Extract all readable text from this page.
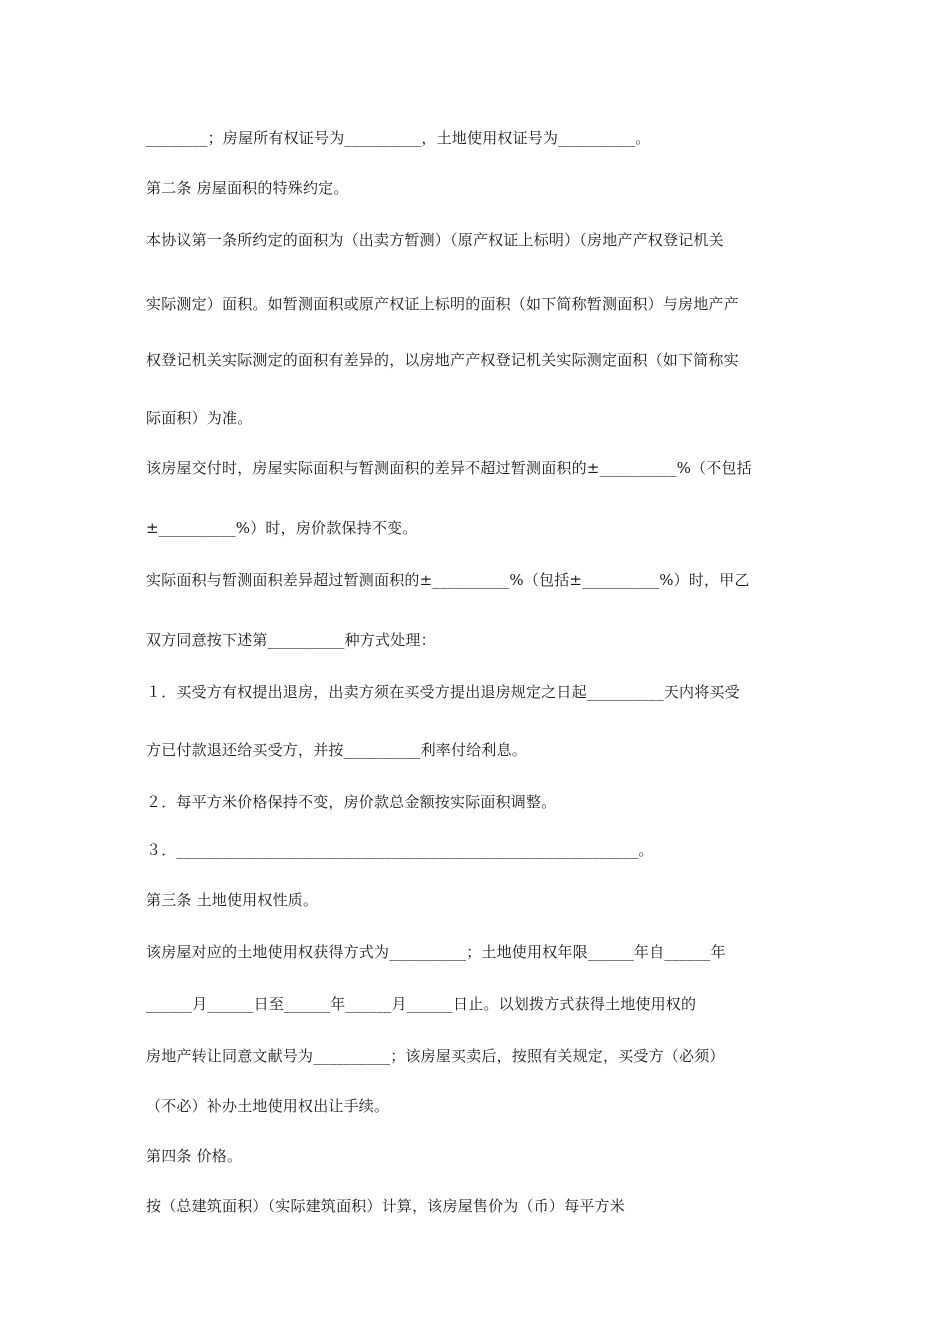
________；房屋所有权证号为__________，土地使用权证号为__________。
第二条 房屋面积的特殊约定。
本协议第一条所约定的面积为（出卖方暂测）（原产权证上标明）（房地产产权登记机关
实际测定）面积。如暂测面积或原产权证上标明的面积（如下简称暂测面积）与房地产产
权登记机关实际测定的面积有差异的，以房地产产权登记机关实际测定面积（如下简称实
际面积）为准。
该房屋交付时，房屋实际面积与暂测面积的差异不超过暂测面积的±__________%（不包括
±__________%）时，房价款保持不变。
实际面积与暂测面积差异超过暂测面积的±__________%（包括±__________%）时，甲乙
双方同意按下述第__________种方式处理：
１．买受方有权提出退房，出卖方须在买受方提出退房规定之日起__________天内将买受
方已付款退还给买受方，并按__________利率付给利息。
２．每平方米价格保持不变，房价款总金额按实际面积调整。
３．____________________________________________________________。
第三条 土地使用权性质。
该房屋对应的土地使用权获得方式为__________；土地使用权年限______年自______年
______月______日至______年______月______日止。以划拨方式获得土地使用权的
房地产转让同意文献号为__________；该房屋买卖后，按照有关规定，买受方（必须）
（不必）补办土地使用权出让手续。
第四条 价格。
按（总建筑面积）（实际建筑面积）计算，该房屋售价为（币）每平方米
